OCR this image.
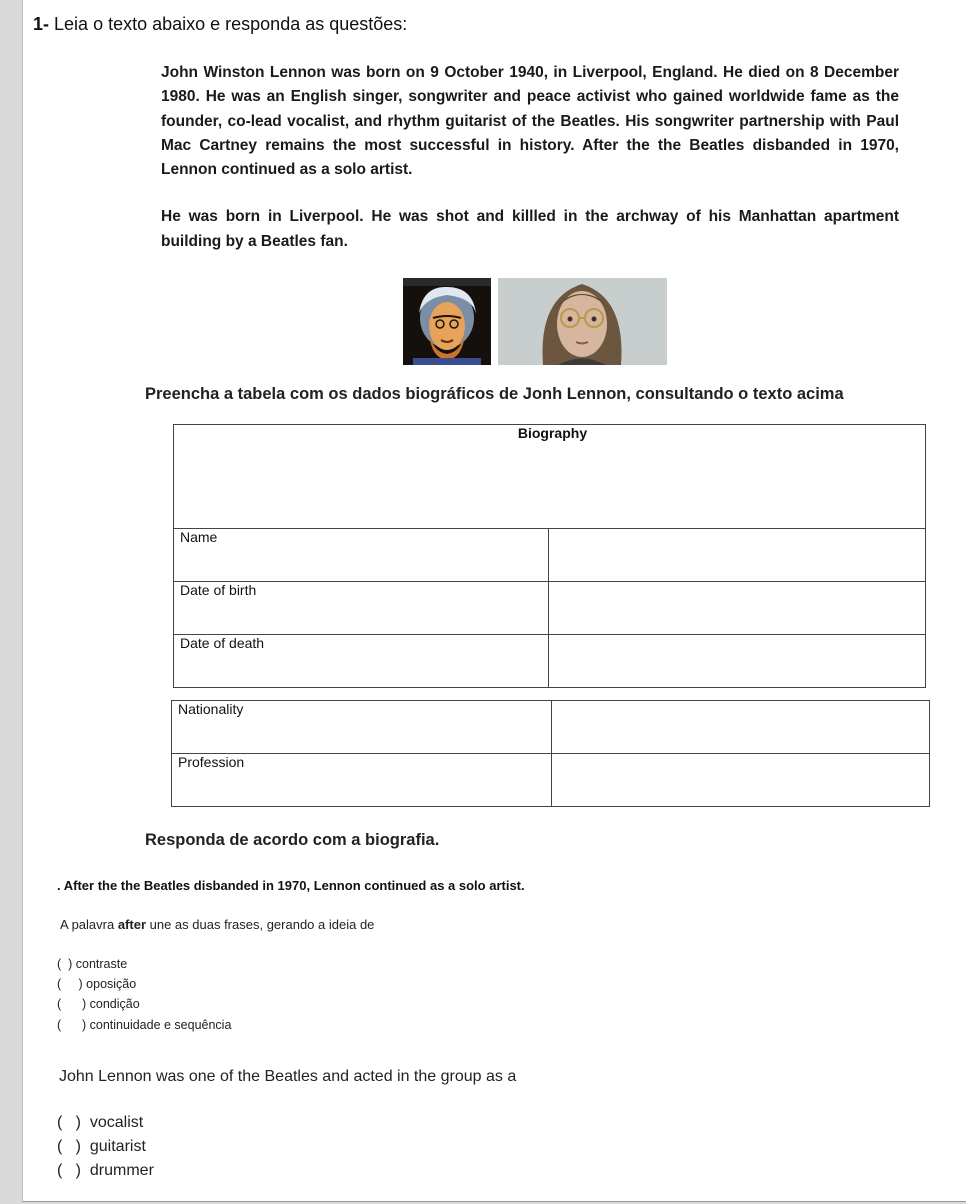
1- Leia o texto abaixo e responda as questões:

John Winston Lennon was born on 9 October 1940, in Liverpool, England. He died on 8 December 1980. He was an English singer, songwriter and peace activist who gained worldwide fame as the founder, co-lead vocalist, and rhythm guitarist of the Beatles. His songwriter partnership with Paul Mac Cartney remains the most successful in history. After the the Beatles disbanded in 1970, Lennon continued as a solo artist.

He was born in Liverpool. He was shot and killled in the archway of his Manhattan apartment building by a Beatles fan.

Preencha a tabela com os dados biográficos de Jonh Lennon, consultando o texto acima
Biography	
Name	
Date of birth	
Date of death	
Nationality	
Profession	
Responda de acordo com a biografia.
. After the the Beatles disbanded in 1970, Lennon continued as a solo artist.
A palavra after une as duas frases, gerando a ideia de
(  ) contraste
(     ) oposição
(      ) condição
(      ) continuidade e sequência
John Lennon was one of the Beatles and acted in the group as a
(   )  vocalist
(   )  guitarist
(   )  drummer
